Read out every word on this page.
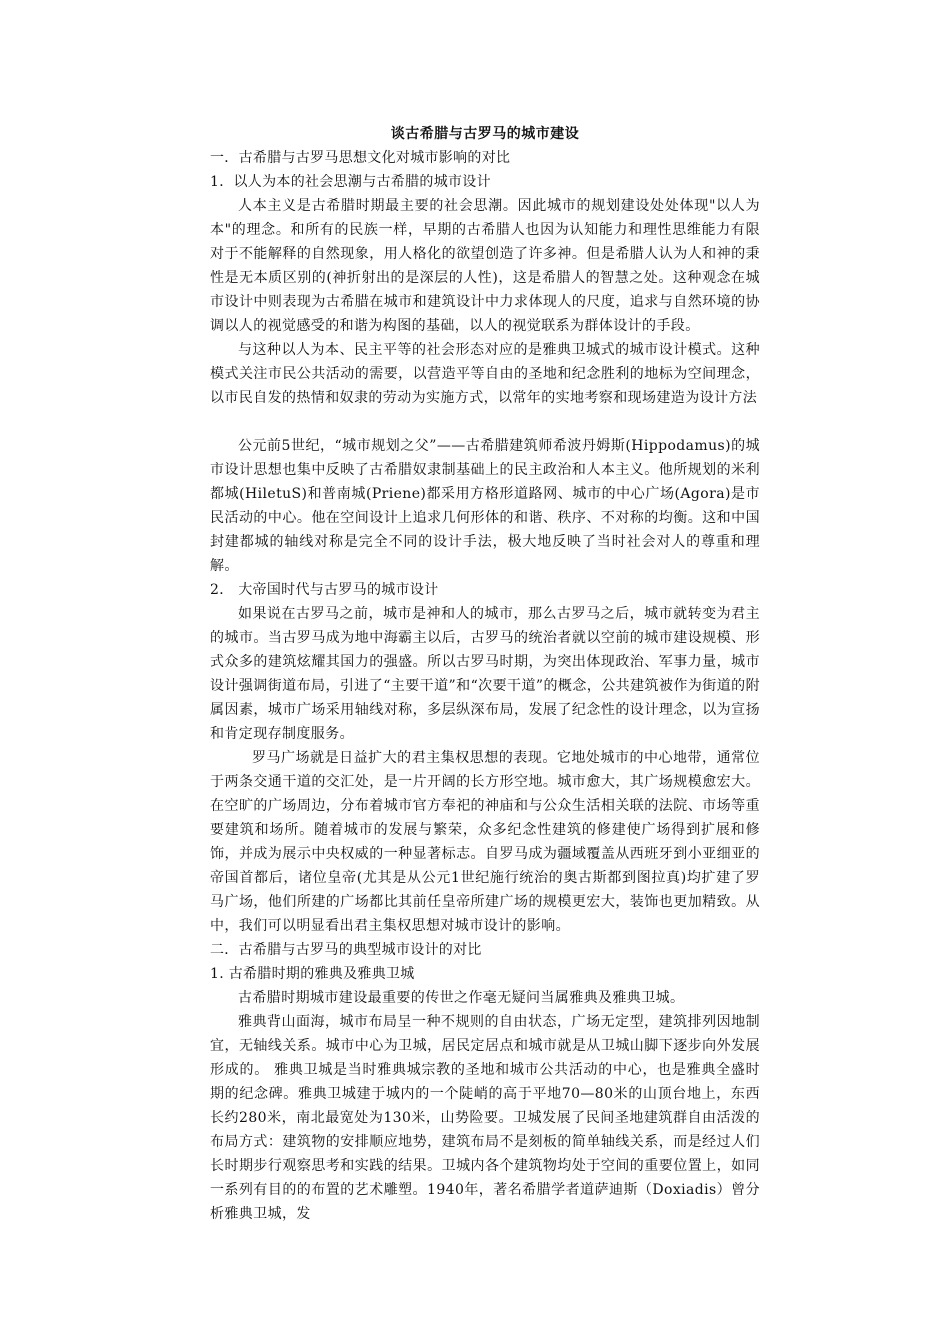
谈古希腊与古罗马的城市建设
一．古希腊与古罗马思想文化对城市影响的对比
1．以人为本的社会思潮与古希腊的城市设计
人本主义是古希腊时期最主要的社会思潮。因此城市的规划建设处处体现"以人为本"的理念。和所有的民族一样，早期的古希腊人也因为认知能力和理性思维能力有限对于不能解释的自然现象，用人格化的欲望创造了许多神。但是希腊人认为人和神的秉性是无本质区别的(神折射出的是深层的人性)，这是希腊人的智慧之处。这种观念在城市设计中则表现为古希腊在城市和建筑设计中力求体现人的尺度，追求与自然环境的协调以人的视觉感受的和谐为构图的基础，以人的视觉联系为群体设计的手段。
与这种以人为本、民主平等的社会形态对应的是雅典卫城式的城市设计模式。这种模式关注市民公共活动的需要，以营造平等自由的圣地和纪念胜利的地标为空间理念，以市民自发的热情和奴隶的劳动为实施方式，以常年的实地考察和现场建造为设计方法
公元前5世纪，“城市规划之父”——古希腊建筑师希波丹姆斯(Hippodamus)的城市设计思想也集中反映了古希腊奴隶制基础上的民主政治和人本主义。他所规划的米利都城(HiletuS)和普南城(Priene)都采用方格形道路网、城市的中心广场(Agora)是市民活动的中心。他在空间设计上追求几何形体的和谐、秩序、不对称的均衡。这和中国封建都城的轴线对称是完全不同的设计手法，极大地反映了当时社会对人的尊重和理解。
2． 大帝国时代与古罗马的城市设计
如果说在古罗马之前，城市是神和人的城市，那么古罗马之后，城市就转变为君主的城市。当古罗马成为地中海霸主以后，古罗马的统治者就以空前的城市建设规模、形式众多的建筑炫耀其国力的强盛。所以古罗马时期，为突出体现政治、军事力量，城市设计强调街道布局，引进了“主要干道”和“次要干道”的概念，公共建筑被作为街道的附属因素，城市广场采用轴线对称，多层纵深布局，发展了纪念性的设计理念，以为宣扬和肯定现存制度服务。
罗马广场就是日益扩大的君主集权思想的表现。它地处城市的中心地带，通常位于两条交通干道的交汇处，是一片开阔的长方形空地。城市愈大，其广场规模愈宏大。在空旷的广场周边，分布着城市官方奉祀的神庙和与公众生活相关联的法院、市场等重要建筑和场所。随着城市的发展与繁荣，众多纪念性建筑的修建使广场得到扩展和修饰，并成为展示中央权威的一种显著标志。自罗马成为疆域覆盖从西班牙到小亚细亚的帝国首都后，诸位皇帝(尤其是从公元1世纪施行统治的奥古斯都到图拉真)均扩建了罗马广场，他们所建的广场都比其前任皇帝所建广场的规模更宏大，装饰也更加精致。从中，我们可以明显看出君主集权思想对城市设计的影响。
二．古希腊与古罗马的典型城市设计的对比
1. 古希腊时期的雅典及雅典卫城
古希腊时期城市建设最重要的传世之作毫无疑问当属雅典及雅典卫城。
雅典背山面海，城市布局呈一种不规则的自由状态，广场无定型，建筑排列因地制宜，无轴线关系。城市中心为卫城，居民定居点和城市就是从卫城山脚下逐步向外发展形成的。 雅典卫城是当时雅典城宗教的圣地和城市公共活动的中心，也是雅典全盛时期的纪念碑。雅典卫城建于城内的一个陡峭的高于平地70—80米的山顶台地上，东西长约280米，南北最宽处为130米，山势险要。卫城发展了民间圣地建筑群自由活泼的布局方式：建筑物的安排顺应地势，建筑布局不是刻板的简单轴线关系，而是经过人们长时期步行观察思考和实践的结果。卫城内各个建筑物均处于空间的重要位置上，如同一系列有目的的布置的艺术雕塑。1940年，著名希腊学者道萨迪斯（Doxiadis）曾分析雅典卫城，发
